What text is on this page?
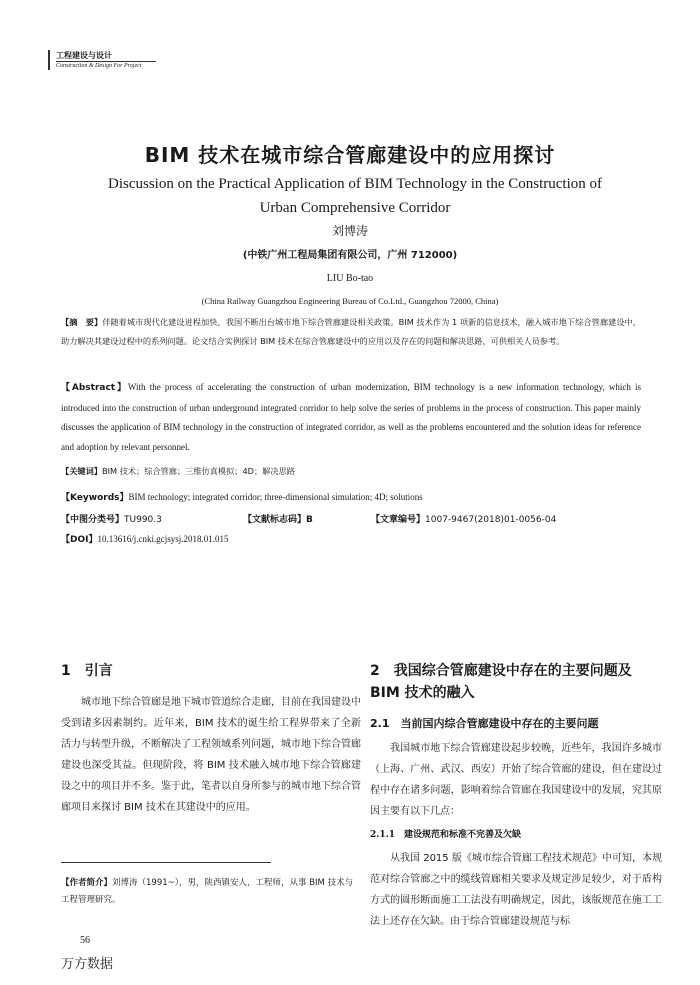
工程建设与设计
Construction & Design For Project
BIM 技术在城市综合管廊建设中的应用探讨
Discussion on the Practical Application of BIM Technology in the Construction of Urban Comprehensive Corridor
刘博涛
(中铁广州工程局集团有限公司，广州 712000)
LIU Bo-tao
(China Railway Guangzhou Engineering Bureau of Co.Ltd., Guangzhou 72000, China)
【摘　要】伴随着城市现代化建设进程加快，我国不断出台城市地下综合管廊建设相关政策。BIM 技术作为 1 项新的信息技术，融入城市地下综合管廊建设中，助力解决其建设过程中的系列问题。论文结合实例探讨 BIM 技术在综合管廊建设中的应用以及存在的问题和解决思路，可供相关人员参考。
【Abstract】With the process of accelerating the construction of urban modernization, BIM technology is a new information technology, which is introduced into the construction of urban underground integrated corridor to help solve the series of problems in the process of construction. This paper mainly discusses the application of BIM technology in the construction of integrated corridor, as well as the problems encountered and the solution ideas for reference and adoption by relevant personnel.
【关键词】BIM 技术；综合管廊；三维仿真模拟；4D；解决思路
【Keywords】BIM technology; integrated corridor; three-dimensional simulation; 4D; solutions
【中图分类号】TU990.3	【文献标志码】B	【文章编号】1007-9467(2018)01-0056-04
【DOI】10.13616/j.cnki.gcjsysj.2018.01.015
1　引言

城市地下综合管廊是地下城市管道综合走廊，目前在我国建设中受到诸多因素制约。近年来，BIM 技术的诞生给工程界带来了全新活力与转型升级，不断解决了工程领域系列问题，城市地下综合管廊建设也深受其益。但现阶段，将 BIM 技术融入城市地下综合管廊建设之中的项目并不多。鉴于此，笔者以自身所参与的城市地下综合管廊项目来探讨 BIM 技术在其建设中的应用。

2　我国综合管廊建设中存在的主要问题及 BIM 技术的融入
2.1　当前国内综合管廊建设中存在的主要问题

我国城市地下综合管廊建设起步较晚，近些年，我国许多城市（上海、广州、武汉、西安）开始了综合管廊的建设，但在建设过程中存在诸多问题，影响着综合管廊在我国建设中的发展，究其原因主要有以下几点：

2.1.1　建设规范和标准不完善及欠缺

从我国 2015 版《城市综合管廊工程技术规范》中可知，本规范对综合管廊之中的缆线管廊相关要求及规定涉足较少，对于盾构方式的圆形断面施工工法没有明确规定，因此，该版规范在施工工法上还存在欠缺。由于综合管廊建设规范与标

【作者简介】刘博涛（1991~），男，陕西镇安人，工程师，从事 BIM 技术与工程管理研究。
56
万方数据
